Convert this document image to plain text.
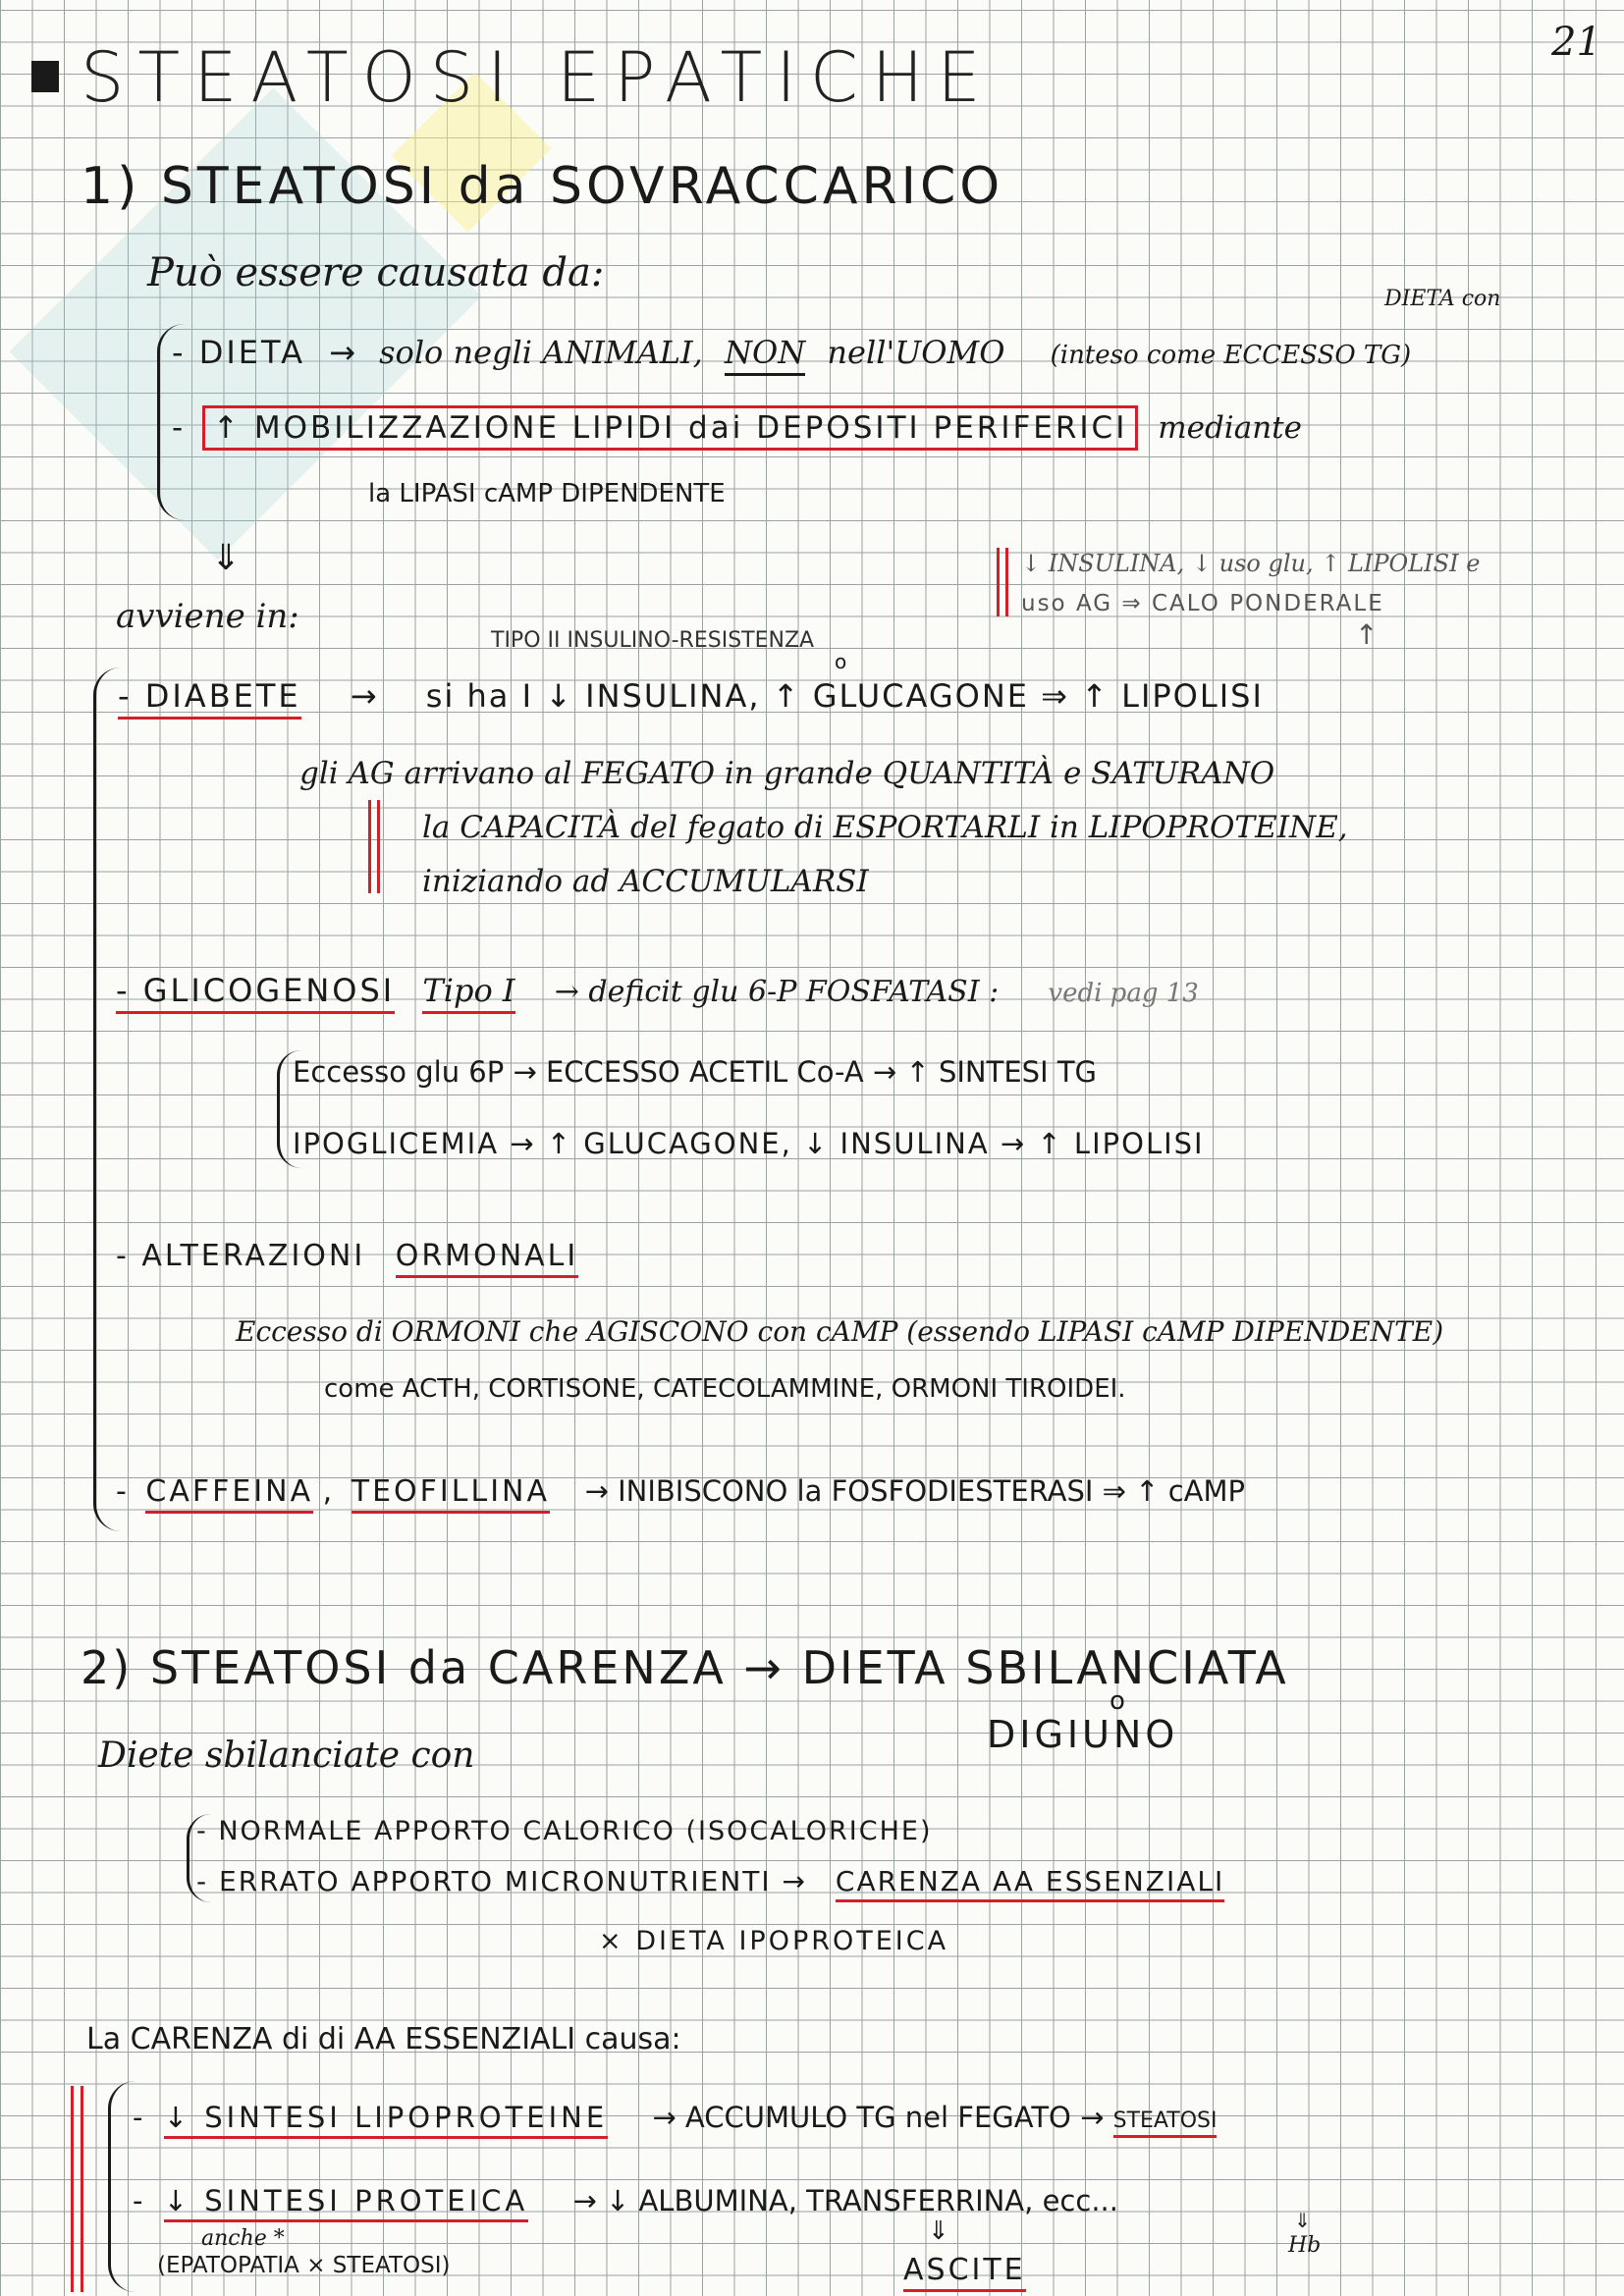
21
STEATOSI EPATICHE
1) STEATOSI da SOVRACCARICO
Può essere causata da:
DIETA con
- DIETA → solo negli ANIMALI, NON nell'UOMO (inteso come ECCESSO TG)
- ↑ MOBILIZZAZIONE LIPIDI dai DEPOSITI PERIFERICI mediante
la LIPASI cAMP DIPENDENTE
⇓	↓ INSULINA, ↓ uso glu, ↑ LIPOLISI e
uso AG ⇒ CALO PONDERALE
↑
avviene in:
TIPO II INSULINO-RESISTENZA
o
- DIABETE → si ha I ↓ INSULINA, ↑ GLUCAGONE ⇒ ↑ LIPOLISI
gli AG arrivano al FEGATO in grande QUANTITÀ e SATURANO
la CAPACITÀ del fegato di ESPORTARLI in LIPOPROTEINE,
iniziando ad ACCUMULARSI
- GLICOGENOSI Tipo I → deficit glu 6-P FOSFATASI : vedi pag 13
Eccesso glu 6P → ECCESSO ACETIL Co-A → ↑ SINTESI TG
IPOGLICEMIA → ↑ GLUCAGONE, ↓ INSULINA → ↑ LIPOLISI
- ALTERAZIONI ORMONALI
Eccesso di ORMONI che AGISCONO con cAMP (essendo LIPASI cAMP DIPENDENTE)
come ACTH, CORTISONE, CATECOLAMMINE, ORMONI TIROIDEI.
- CAFFEINA , TEOFILLINA → INIBISCONO la FOSFODIESTERASI ⇒ ↑ cAMP
2) STEATOSI da CARENZA → DIETA SBILANCIATA
o
DIGIUNO
Diete sbilanciate con
- NORMALE APPORTO CALORICO (ISOCALORICHE)
- ERRATO APPORTO MICRONUTRIENTI → CARENZA AA ESSENZIALI
× DIETA IPOPROTEICA
La CARENZA di di AA ESSENZIALI causa:
- ↓ SINTESI LIPOPROTEINE → ACCUMULO TG nel FEGATO → STEATOSI
- ↓ SINTESI PROTEICA → ↓ ALBUMINA, TRANSFERRINA, ecc...
anche *
(EPATOPATIA × STEATOSI)
⇓
ASCITE
⇓
Hb
